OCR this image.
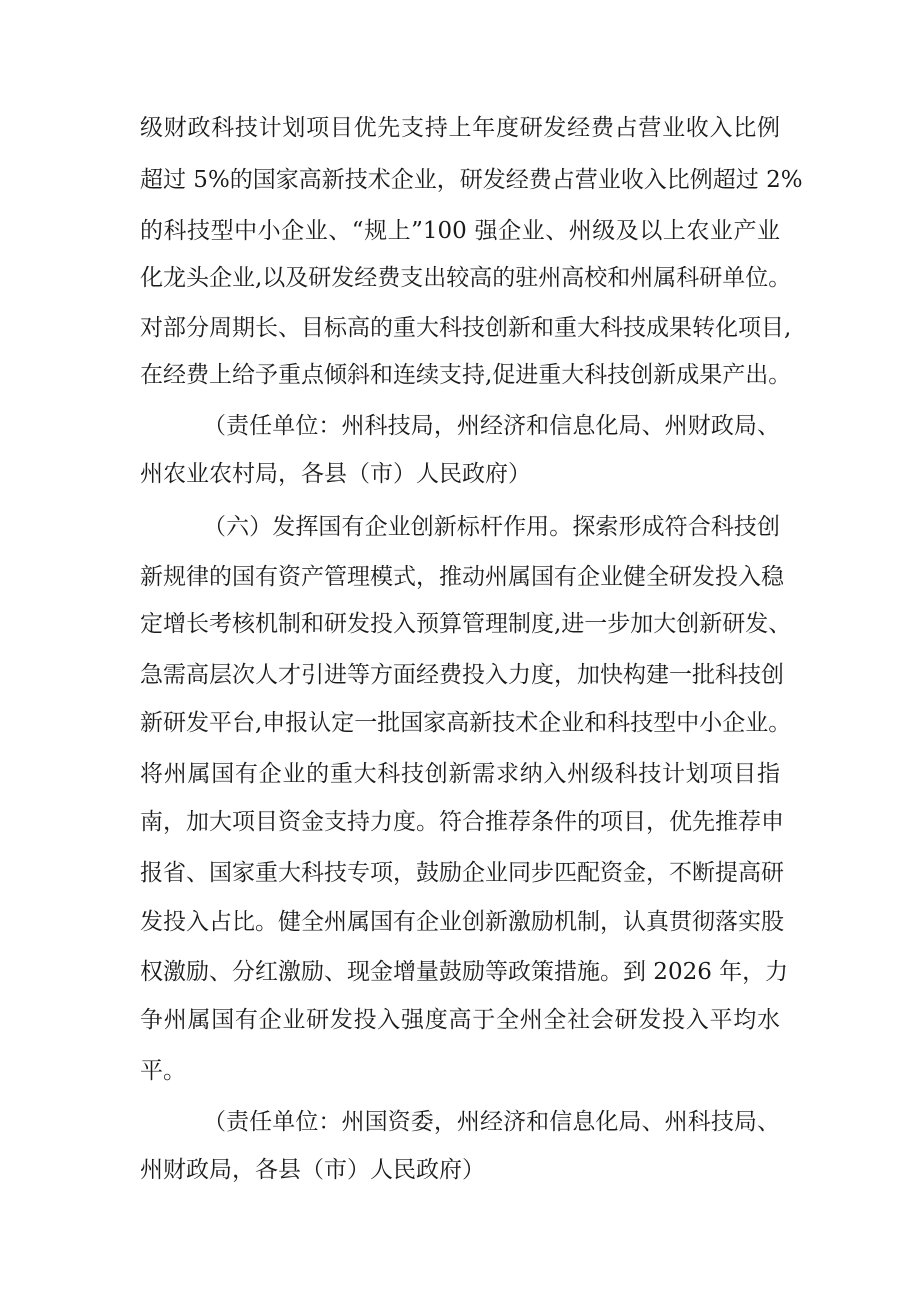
级财政科技计划项目优先支持上年度研发经费占营业收入比例
超过 5%的国家高新技术企业，研发经费占营业收入比例超过 2%
的科技型中小企业、“规上”100 强企业、州级及以上农业产业
化龙头企业,以及研发经费支出较高的驻州高校和州属科研单位。
对部分周期长、目标高的重大科技创新和重大科技成果转化项目,
在经费上给予重点倾斜和连续支持,促进重大科技创新成果产出。
（责任单位：州科技局，州经济和信息化局、州财政局、
州农业农村局，各县（市）人民政府）
（六）发挥国有企业创新标杆作用。探索形成符合科技创
新规律的国有资产管理模式，推动州属国有企业健全研发投入稳
定增长考核机制和研发投入预算管理制度,进一步加大创新研发、
急需高层次人才引进等方面经费投入力度，加快构建一批科技创
新研发平台,申报认定一批国家高新技术企业和科技型中小企业。
将州属国有企业的重大科技创新需求纳入州级科技计划项目指
南，加大项目资金支持力度。符合推荐条件的项目，优先推荐申
报省、国家重大科技专项，鼓励企业同步匹配资金，不断提高研
发投入占比。健全州属国有企业创新激励机制，认真贯彻落实股
权激励、分红激励、现金增量鼓励等政策措施。到 2026 年，力
争州属国有企业研发投入强度高于全州全社会研发投入平均水
平。
（责任单位：州国资委，州经济和信息化局、州科技局、
州财政局，各县（市）人民政府）
